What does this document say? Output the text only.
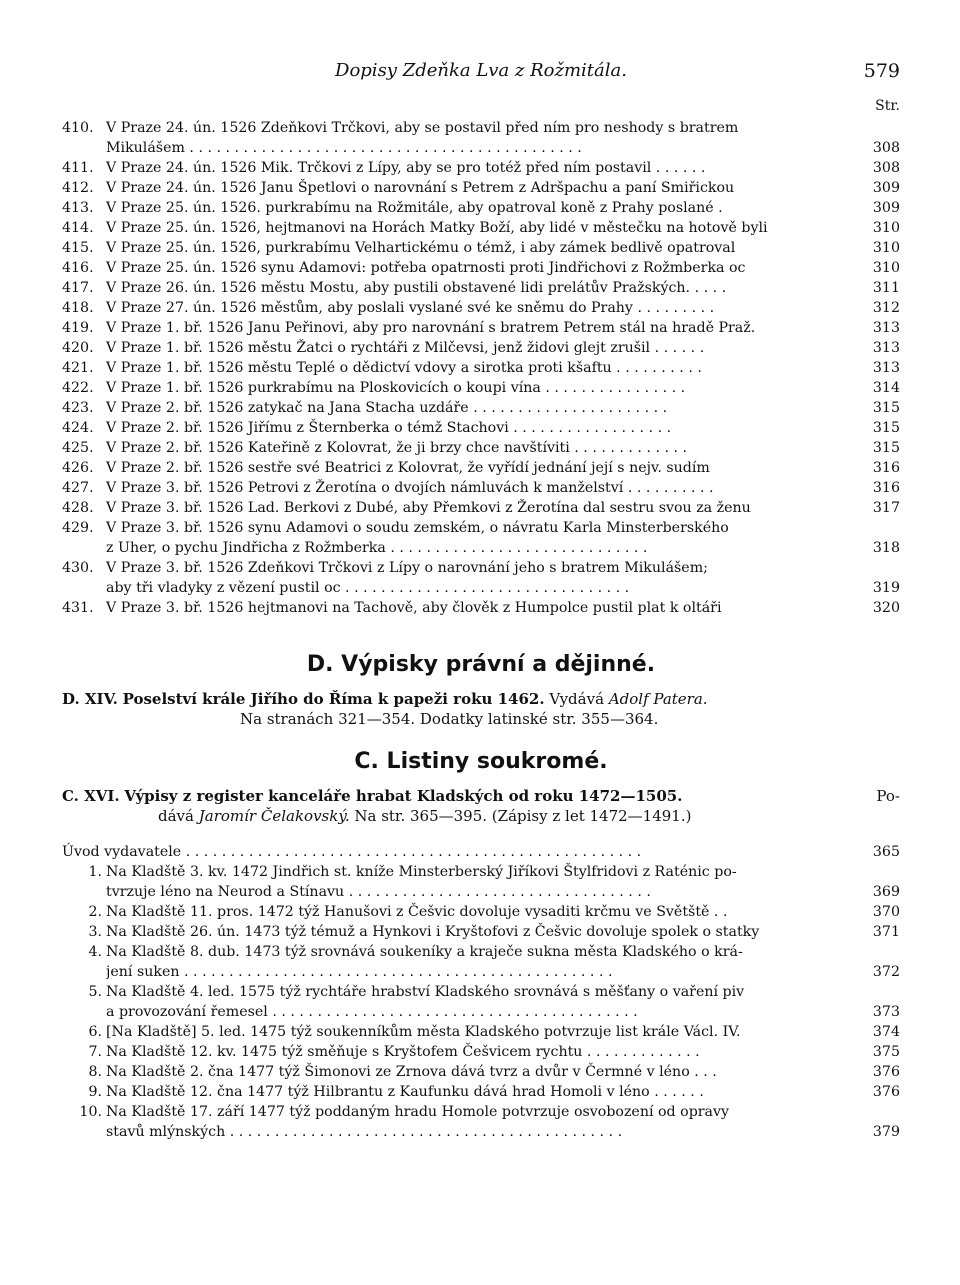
Dopisy Zdeňka Lva z Rožmitála.	579
Str.
410. V Praze 24. ún. 1526 Zdeňkovi Trčkovi, aby se postavil před ním pro neshody s bratrem
Mikulášem . . . . . . . . . . . . . . . . . . . . . . . . . . . . . . . . . . . . . . . . . . . .	308
411. V Praze 24. ún. 1526 Mik. Trčkovi z Lípy, aby se pro totéž před ním postavil . . . . . .	308
412. V Praze 24. ún. 1526 Janu Špetlovi o narovnání s Petrem z Adršpachu a paní Smiřickou	309
413. V Praze 25. ún. 1526. purkrabímu na Rožmitále, aby opatroval koně z Prahy poslané .	309
414. V Praze 25. ún. 1526, hejtmanovi na Horách Matky Boží, aby lidé v městečku na hotově byli	310
415. V Praze 25. ún. 1526, purkrabímu Velhartickému o témž, i aby zámek bedlivě opatroval	310
416. V Praze 25. ún. 1526 synu Adamovi: potřeba opatrnosti proti Jindřichovi z Rožmberka oc	310
417. V Praze 26. ún. 1526 městu Mostu, aby pustili obstavené lidi prelátův Pražských. . . . .	311
418. V Praze 27. ún. 1526 městům, aby poslali vyslané své ke sněmu do Prahy . . . . . . . . .	312
419. V Praze 1. bř. 1526 Janu Peřinovi, aby pro narovnání s bratrem Petrem stál na hradě Praž.	313
420. V Praze 1. bř. 1526 městu Žatci o rychtáři z Milčevsi, jenž židovi glejt zrušil . . . . . .	313
421. V Praze 1. bř. 1526 městu Teplé o dědictví vdovy a sirotka proti kšaftu . . . . . . . . . .	313
422. V Praze 1. bř. 1526 purkrabímu na Ploskovicích o koupi vína . . . . . . . . . . . . . . . .	314
423. V Praze 2. bř. 1526 zatykač na Jana Stacha uzdáře . . . . . . . . . . . . . . . . . . . . . .	315
424. V Praze 2. bř. 1526 Jiřímu z Šternberka o témž Stachovi . . . . . . . . . . . . . . . . . .	315
425. V Praze 2. bř. 1526 Kateřině z Kolovrat, že ji brzy chce navštíviti . . . . . . . . . . . . .	315
426. V Praze 2. bř. 1526 sestře své Beatrici z Kolovrat, že vyřídí jednání její s nejv. sudím	316
427. V Praze 3. bř. 1526 Petrovi z Žerotína o dvojích námluvách k manželství . . . . . . . . . .	316
428. V Praze 3. bř. 1526 Lad. Berkovi z Dubé, aby Přemkovi z Žerotína dal sestru svou za ženu	317
429. V Praze 3. bř. 1526 synu Adamovi o soudu zemském, o návratu Karla Minsterberského
z Uher, o pychu Jindřicha z Rožmberka . . . . . . . . . . . . . . . . . . . . . . . . . . . . .	318
430. V Praze 3. bř. 1526 Zdeňkovi Trčkovi z Lípy o narovnání jeho s bratrem Mikulášem;
aby tři vladyky z vězení pustil oc . . . . . . . . . . . . . . . . . . . . . . . . . . . . . . . .	319
431. V Praze 3. bř. 1526 hejtmanovi na Tachově, aby člověk z Humpolce pustil plat k oltáři	320
D. Výpisky právní a dějinné.
D. XIV. Poselství krále Jiřího do Říma k papeži roku 1462. Vydává Adolf Patera.
Na stranách 321—354. Dodatky latinské str. 355—364.
C. Listiny soukromé.
C. XVI. Výpisy z register kanceláře hrabat Kladských od roku 1472—1505.	Po-
dává Jaromír Čelakovský. Na str. 365—395. (Zápisy z let 1472—1491.)
Úvod vydavatele . . . . . . . . . . . . . . . . . . . . . . . . . . . . . . . . . . . . . . . . . . . . . . . . . . .	365
1. Na Kladště 3. kv. 1472 Jindřich st. kníže Minsterberský Jiříkovi Štylfridovi z Raténic po-
tvrzuje léno na Neurod a Stínavu . . . . . . . . . . . . . . . . . . . . . . . . . . . . . . . . . .	369
2. Na Kladště 11. pros. 1472 týž Hanušovi z Češvic dovoluje vysaditi krčmu ve Světště . .	370
3. Na Kladště 26. ún. 1473 týž témuž a Hynkovi i Kryštofovi z Češvic dovoluje spolek o statky	371
4. Na Kladště 8. dub. 1473 týž srovnává soukeníky a kraječe sukna města Kladského o krá-
jení suken . . . . . . . . . . . . . . . . . . . . . . . . . . . . . . . . . . . . . . . . . . . . . . . .	372
5. Na Kladště 4. led. 1575 týž rychtáře hrabství Kladského srovnává s měšťany o vaření piv
a provozování řemesel . . . . . . . . . . . . . . . . . . . . . . . . . . . . . . . . . . . . . . . . .	373
6. [Na Kladště] 5. led. 1475 týž soukenníkům města Kladského potvrzuje list krále Václ. IV.	374
7. Na Kladště 12. kv. 1475 týž směňuje s Kryštofem Češvicem rychtu . . . . . . . . . . . . .	375
8. Na Kladště 2. čna 1477 týž Šimonovi ze Zrnova dává tvrz a dvůr v Čermné v léno . . .	376
9. Na Kladště 12. čna 1477 týž Hilbrantu z Kaufunku dává hrad Homoli v léno . . . . . .	376
10. Na Kladště 17. září 1477 týž poddaným hradu Homole potvrzuje osvobození od opravy
stavů mlýnských . . . . . . . . . . . . . . . . . . . . . . . . . . . . . . . . . . . . . . . . . . . .	379
